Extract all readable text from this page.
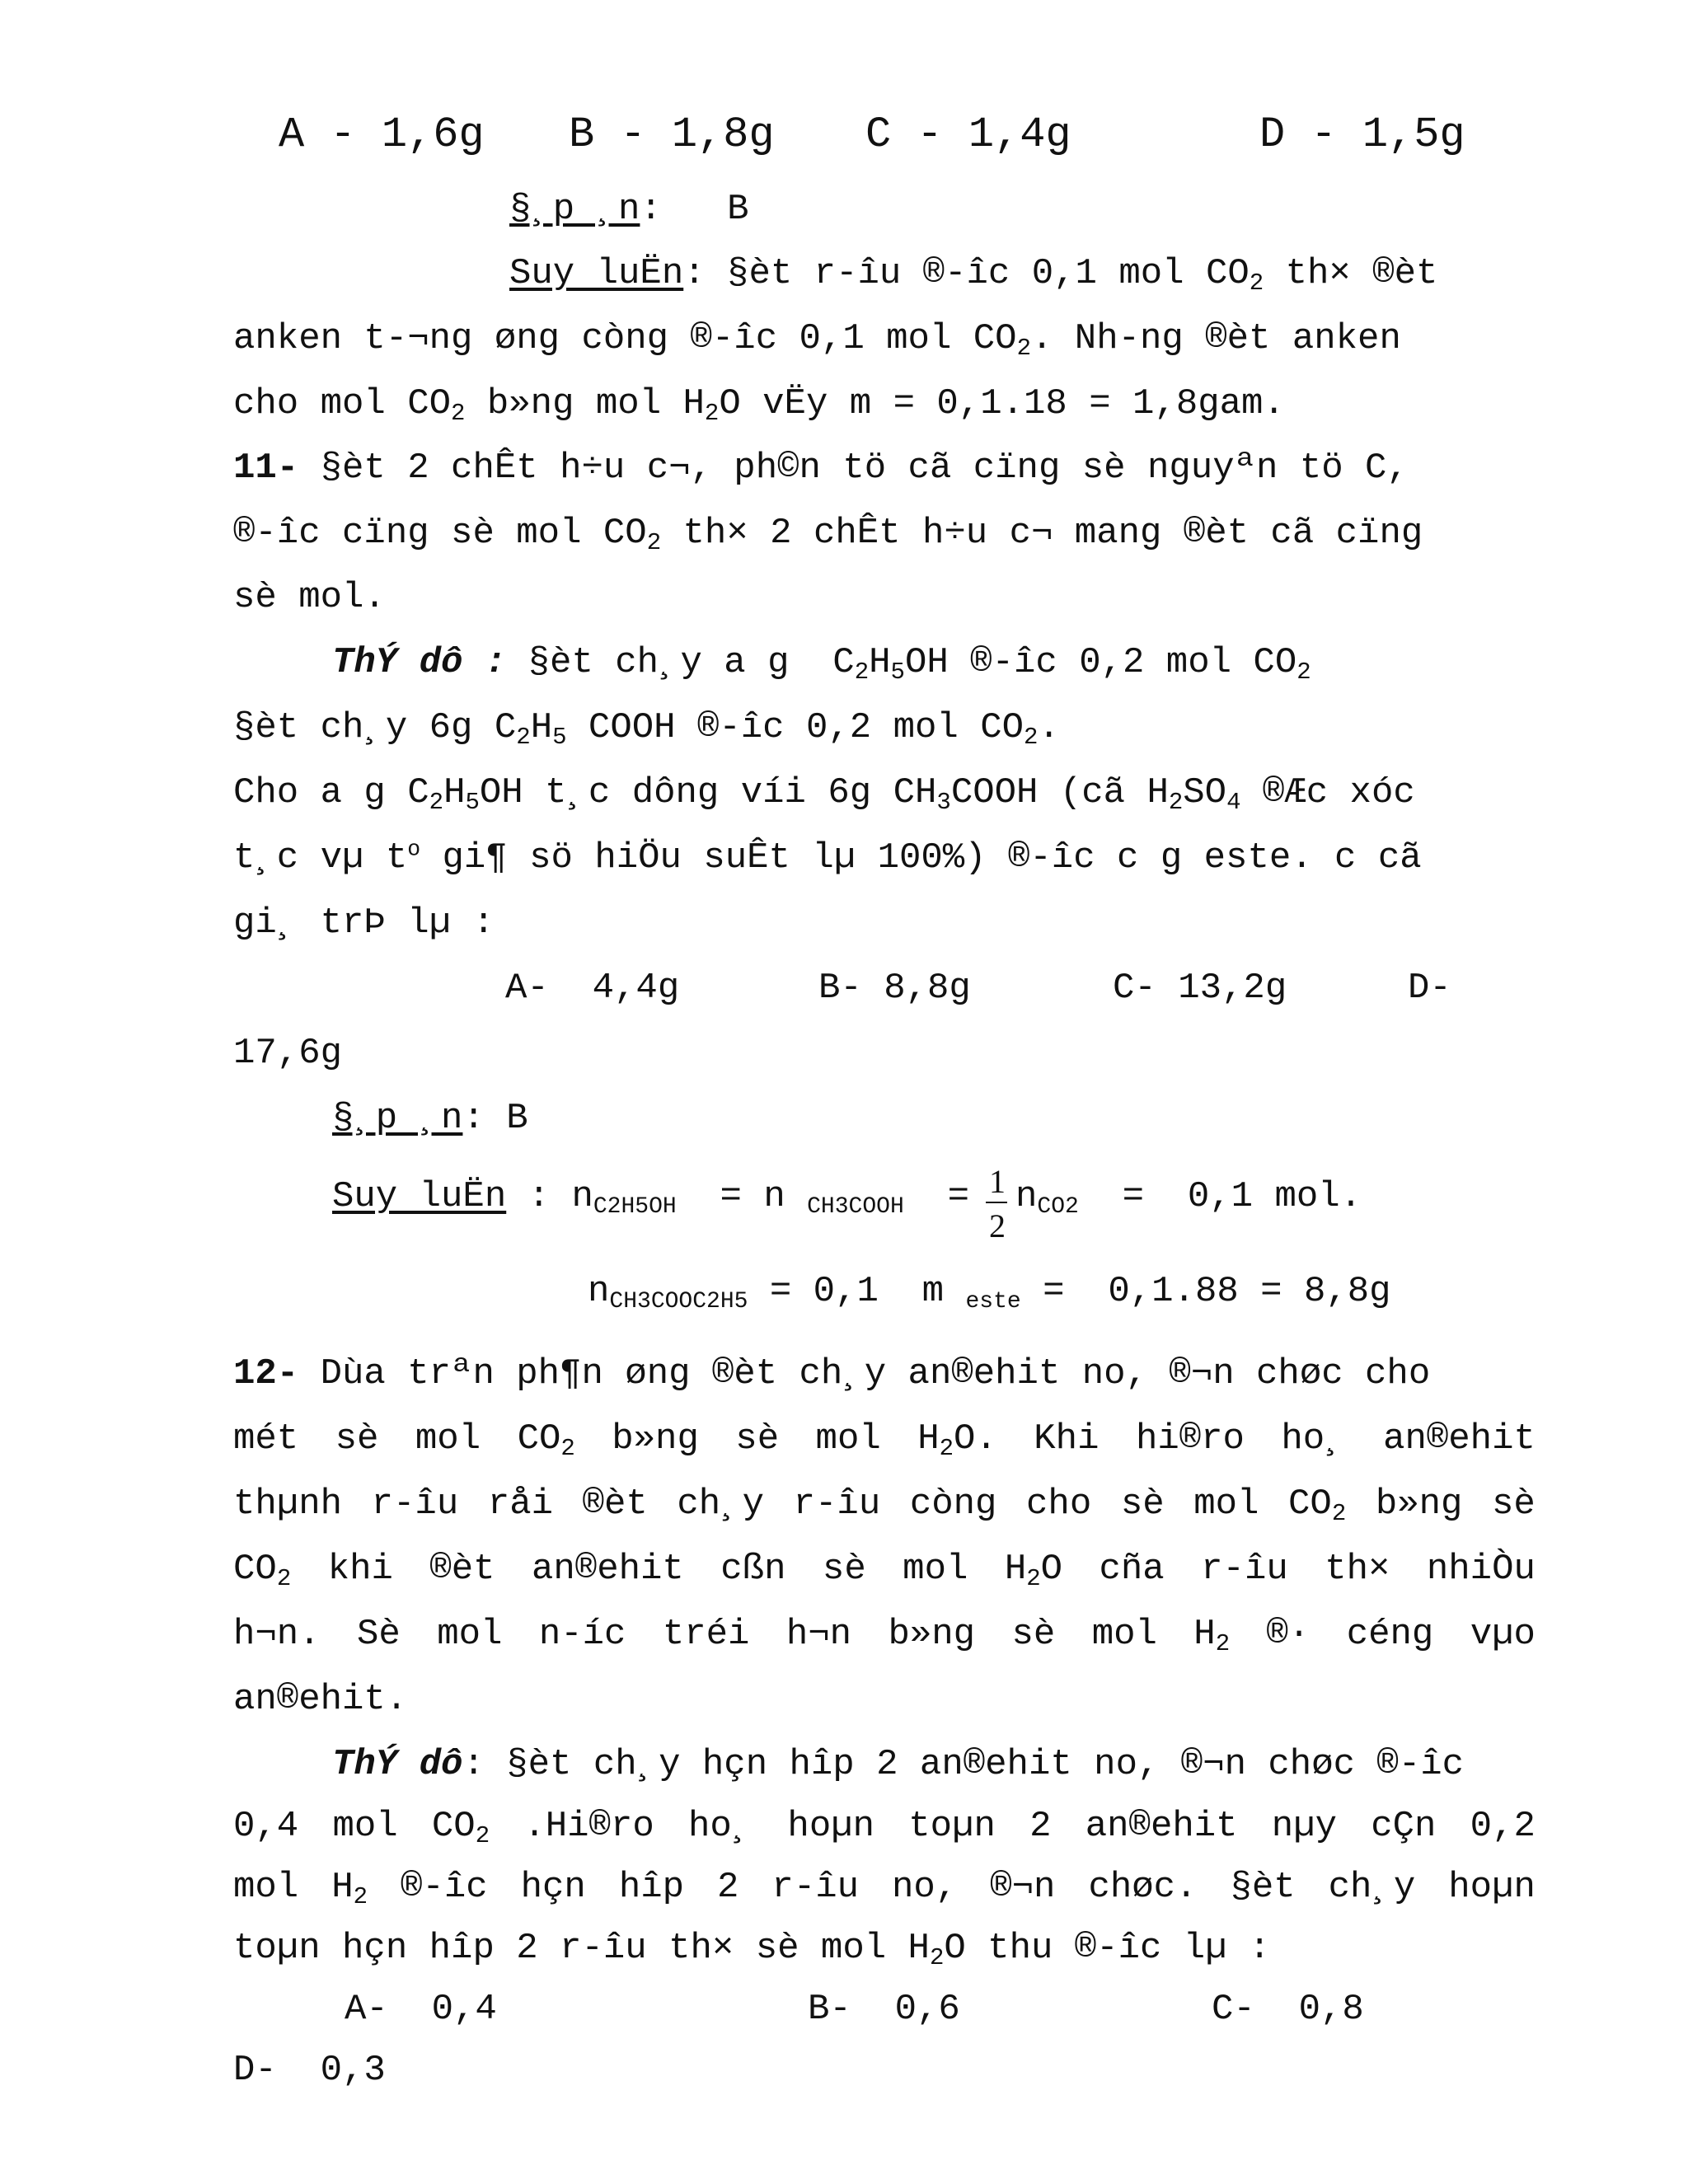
A - 1,6g B - 1,8g C - 1,4g	D - 1,5g
§¸p ¸n: B
Suy luËn: §èt r-îu ®-îc 0,1 mol $CO_2$ th× ®èt
anken t-¬ng øng còng ®-îc 0,1 mol $CO_2$. Nh-ng ®èt anken
cho mol $CO_2$ b»ng mol $H_2O$ vËy m = 0,1.18 = 1,8gam.
11- §èt 2 chÊt h÷u c¬, ph©n tö cã cïng sè nguyªn tö C,
®-îc cïng sè mol $CO_2$ th× 2 chÊt h÷u c¬ mang ®èt cã cïng
sè mol.
ThÝ dô : §èt ch¸y a g  $C_2H_5OH$ ®-îc 0,2 mol $CO_2$
§èt ch¸y 6g $C_2H_5$ COOH ®-îc 0,2 mol $CO_2$.
Cho a g $C_2H_5OH$ t¸c dông víi 6g $CH_3COOH$ (cã $H_2SO_4$ ®Æc xóc
t¸c vµ $t^o$ gi¶ sö hiÖu suÊt lµ 100%) ®-îc c g este. c cã
gi¸ trÞ lµ :
A-  4,4g	B- 8,8g	C- 13,2g	D-
17,6g
§¸p ¸n: B
Suy luËn : $n_{C2H5OH} = n$ $_{CH3COOH}$ = 1
2
$n_{CO2} = 0,1$ mol.
$n_{CH3COOC2H5} = 0,1$  m $_{este}$ =  0,1.88 = 8,8g
12- Dùa trªn ph¶n øng ®èt ch¸y an®ehit no, ®¬n chøc cho
mét sè mol $CO_2$ b»ng sè mol $H_2O$. Khi hi®ro ho¸ an®ehit
thµnh r-îu råi ®èt ch¸y r-îu còng cho sè mol $CO_2$ b»ng sè
$CO_2$ khi ®èt an®ehit cßn sè mol $H_2O$ cña r-îu th× nhiÒu
h¬n. Sè mol n-íc tréi h¬n b»ng sè mol $H_2$ ®· céng vµo
an®ehit.
ThÝ dô: §èt ch¸y hçn hîp 2 an®ehit no, ®¬n chøc ®-îc
0,4 mol $CO_2$ .Hi®ro ho¸ hoµn toµn 2 an®ehit nµy cÇn 0,2
mol $H_2$ ®-îc hçn hîp 2 r-îu no, ®¬n chøc. §èt ch¸y hoµn
toµn hçn hîp 2 r-îu th× sè mol $H_2O$ thu ®-îc lµ :
A-  0,4	B-  0,6	C-  0,8
D-  0,3
